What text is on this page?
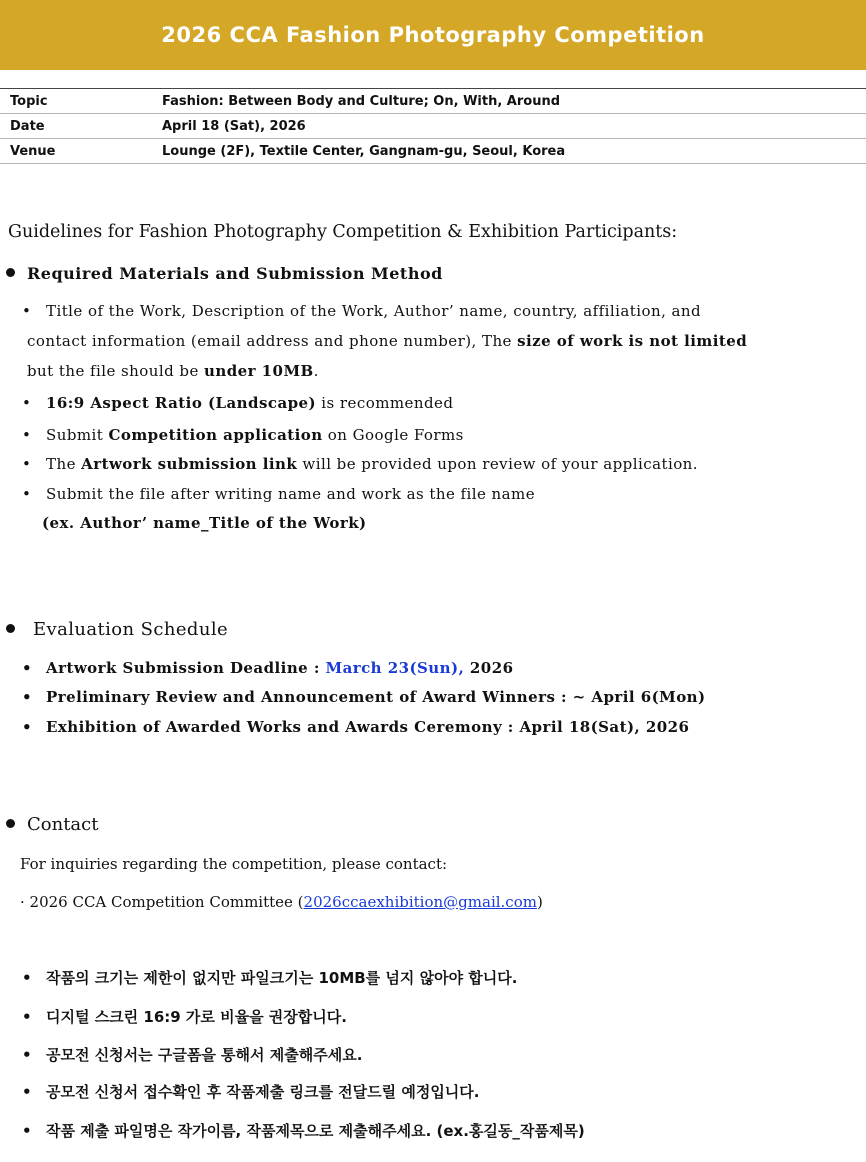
2026 CCA Fashion Photography Competition
Topic	Fashion: Between Body and Culture; On, With, Around
Date	April 18 (Sat), 2026
Venue	Lounge (2F), Textile Center, Gangnam-gu, Seoul, Korea
Guidelines for Fashion Photography Competition & Exhibition Participants:
Required Materials and Submission Method
• Title of the Work, Description of the Work, Author’ name, country, affiliation, and
contact information (email address and phone number), The size of work is not limited
but the file should be under 10MB.
• 16:9 Aspect Ratio (Landscape) is recommended
• Submit Competition application on Google Forms
• The Artwork submission link will be provided upon review of your application.
• Submit the file after writing name and work as the file name
(ex. Author’ name_Title of the Work)
Evaluation Schedule
• Artwork Submission Deadline : March 23(Sun), 2026
• Preliminary Review and Announcement of Award Winners : ~ April 6(Mon)
• Exhibition of Awarded Works and Awards Ceremony : April 18(Sat), 2026
Contact
For inquiries regarding the competition, please contact:
· 2026 CCA Competition Committee (2026ccaexhibition@gmail.com)
• 작품의 크기는 제한이 없지만 파일크기는 10MB를 넘지 않아야 합니다.
• 디지털 스크린 16:9 가로 비율을 권장합니다.
• 공모전 신청서는 구글폼을 통해서 제출해주세요.
• 공모전 신청서 접수확인 후 작품제출 링크를 전달드릴 예정입니다.
• 작품 제출 파일명은 작가이름, 작품제목으로 제출해주세요. (ex.홍길동_작품제목)
